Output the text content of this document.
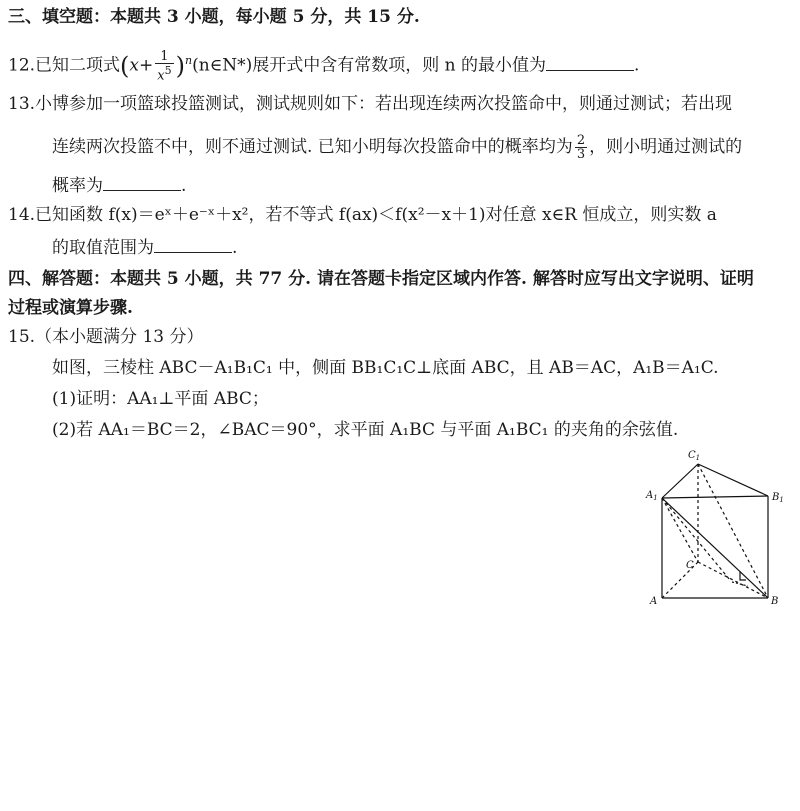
三、填空题：本题共 3 小题，每小题 5 分，共 15 分.
12.已知二项式($x+ \frac{1}{x^5}$ )$^n(n\in N*)$展开式中含有常数项，则 n 的最小值为	.
13.小博参加一项篮球投篮测试，测试规则如下：若出现连续两次投篮命中，则通过测试；若出现
连续两次投篮不中，则不通过测试. 已知小明每次投篮命中的概率均为 $\frac{2}{3}$ ，则小明通过测试的
概率为	.
14.已知函数 f(x)＝eˣ＋e⁻ˣ＋x²，若不等式 f(ax)＜f(x²－x＋1)对任意 x∈R 恒成立，则实数 a
的取值范围为	.
四、解答题：本题共 5 小题，共 77 分. 请在答题卡指定区域内作答. 解答时应写出文字说明、证明
过程或演算步骤.
15.（本小题满分 13 分）
如图，三棱柱 ABC－A₁B₁C₁ 中，侧面 BB₁C₁C⊥底面 ABC，且 AB＝AC，A₁B＝A₁C.
(1)证明：AA₁⊥平面 ABC；
(2)若 AA₁＝BC＝2，∠BAC＝90°，求平面 A₁BC 与平面 A₁BC₁ 的夹角的余弦值.
$C_1$
$A_1$	$B_1$
C
A	B
